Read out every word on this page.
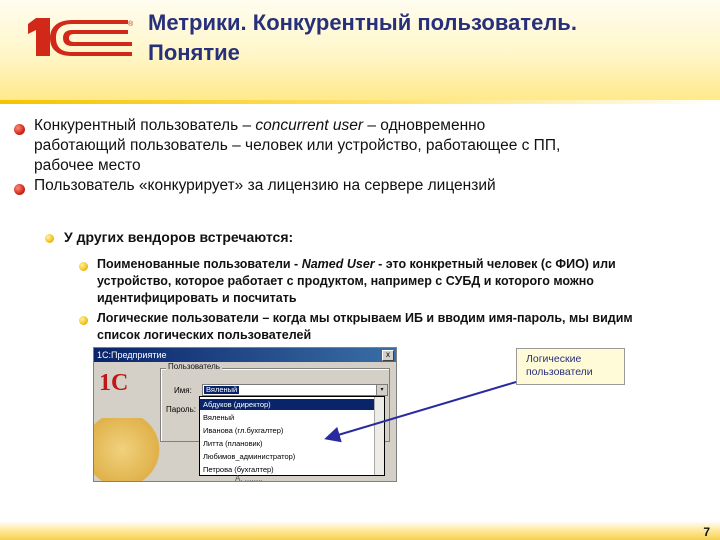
® Метрики. Конкурентный пользователь.
Понятие
Конкурентный пользователь – concurrent user – одновременно
работающий пользователь – человек или устройство, работающее с ПП,
рабочее место
Пользователь «конкурирует» за лицензию на сервере лицензий
У других вендоров встречаются:
Поименованные пользователи - Named User - это конкретный человек (с ФИО) или
устройство, которое работает с продуктом, например с СУБД и которого можно
идентифицировать и посчитать
Логические пользователи – когда мы открываем ИБ и вводим имя-пароль, мы видим
список логических пользователей
1С:Предприятие	x
1С
Пользователь
Имя: Вяленый	▾
Пароль:
Абдуков (директор)
Вяленый
Иванова (гл.бухгалтер)
Литта (плановик)
Любимов_администратор)
Петрова (бухгалтер)
А. ........
Логические
пользователи
7
